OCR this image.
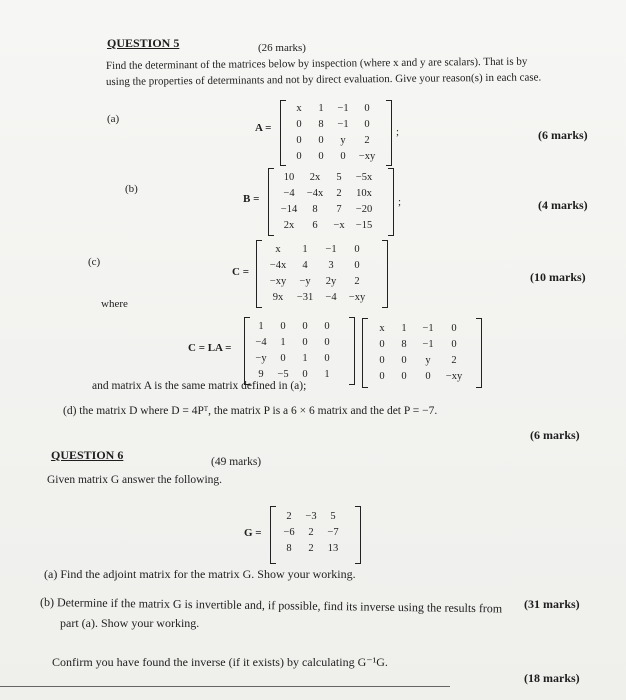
QUESTION 5	(26 marks)
Find the determinant of the matrices below by inspection (where x and y are scalars). That is by
using the properties of determinants and not by direct evaluation. Give your reason(s) in each case.
(a)
A =
x	1	−1	0
0	8	−1	0
0	0	y	2
0	0	0	−xy
;	(6 marks)
(b)
B =
10	2x	5	−5x
−4	−4x	2	10x
−14	8	7	−20
2x	6	−x	−15
;	(4 marks)
(c)
C =
x	1	−1	0
−4x	4	3	0
−xy	−y	2y	2
9x	−31	−4	−xy
(10 marks)
where
C = LA =
1	0	0	0
−4	1	0	0
−y	0	1	0
9	−5	0	1
x	1	−1	0
0	8	−1	0
0	0	y	2
0	0	0	−xy
and matrix A is the same matrix defined in (a);
(d) the matrix D where D = 4Pᵀ, the matrix P is a 6 × 6 matrix and the det P = −7.
(6 marks)
QUESTION 6	(49 marks)
Given matrix G answer the following.
G =
2	−3	5
−6	2	−7
8	2	13
(a) Find the adjoint matrix for the matrix G. Show your working.
(31 marks)
(b) Determine if the matrix G is invertible and, if possible, find its inverse using the results from
part (a). Show your working.
Confirm you have found the inverse (if it exists) by calculating G⁻¹G.
(18 marks)
